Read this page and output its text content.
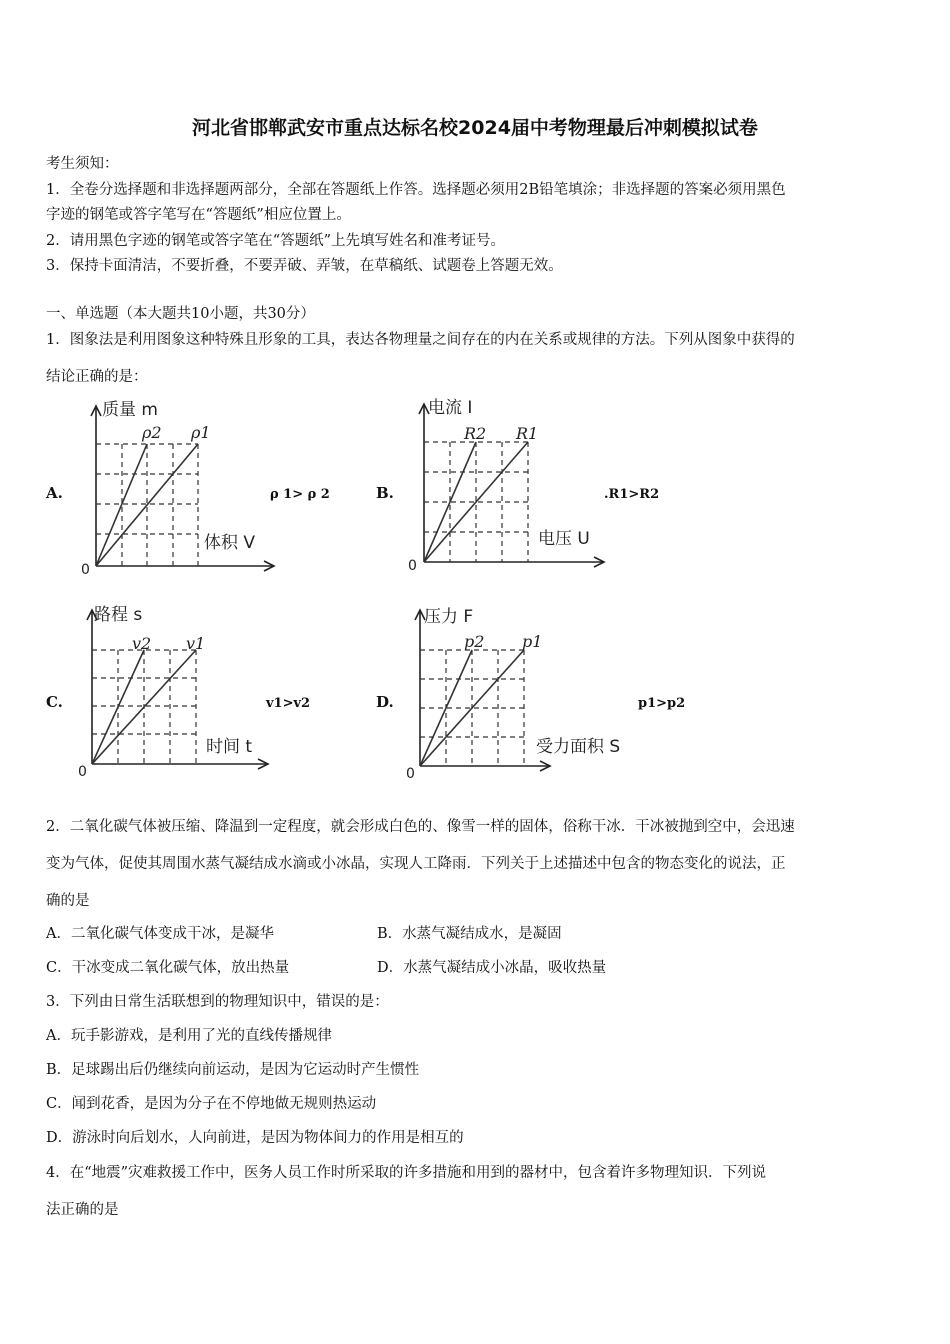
河北省邯郸武安市重点达标名校2024届中考物理最后冲刺模拟试卷
考生须知：
1．全卷分选择题和非选择题两部分，全部在答题纸上作答。选择题必须用2B铅笔填涂；非选择题的答案必须用黑色
字迹的钢笔或答字笔写在“答题纸”相应位置上。
2．请用黑色字迹的钢笔或答字笔在“答题纸”上先填写姓名和准考证号。
3．保持卡面清洁，不要折叠，不要弄破、弄皱，在草稿纸、试题卷上答题无效。
一、单选题（本大题共10小题，共30分）
1．图象法是利用图象这种特殊且形象的工具，表达各物理量之间存在的内在关系或规律的方法。下列从图象中获得的
结论正确的是：
A.
质量 m
体积 V
0
ρ2 ρ1
ρ 1> ρ 2	B.
电流 I
电压 U
0
R2 R1
.R1>R2
C.
路程 s
时间 t
0
v2 v1
v1>v2	D.
压力 F
受力面积 S
0
p2 p1
p1>p2
2．二氧化碳气体被压缩、降温到一定程度，就会形成白色的、像雪一样的固体，俗称干冰．干冰被抛到空中，会迅速
变为气体，促使其周围水蒸气凝结成水滴或小冰晶，实现人工降雨．下列关于上述描述中包含的物态变化的说法，正
确的是
A．二氧化碳气体变成干冰，是凝华	B．水蒸气凝结成水，是凝固
C．干冰变成二氧化碳气体，放出热量	D．水蒸气凝结成小冰晶，吸收热量
3．下列由日常生活联想到的物理知识中，错误的是：
A．玩手影游戏，是利用了光的直线传播规律
B．足球踢出后仍继续向前运动，是因为它运动时产生惯性
C．闻到花香，是因为分子在不停地做无规则热运动
D．游泳时向后划水，人向前进，是因为物体间力的作用是相互的
4．在“地震”灾难救援工作中，医务人员工作时所采取的许多措施和用到的器材中，包含着许多物理知识．下列说
法正确的是
